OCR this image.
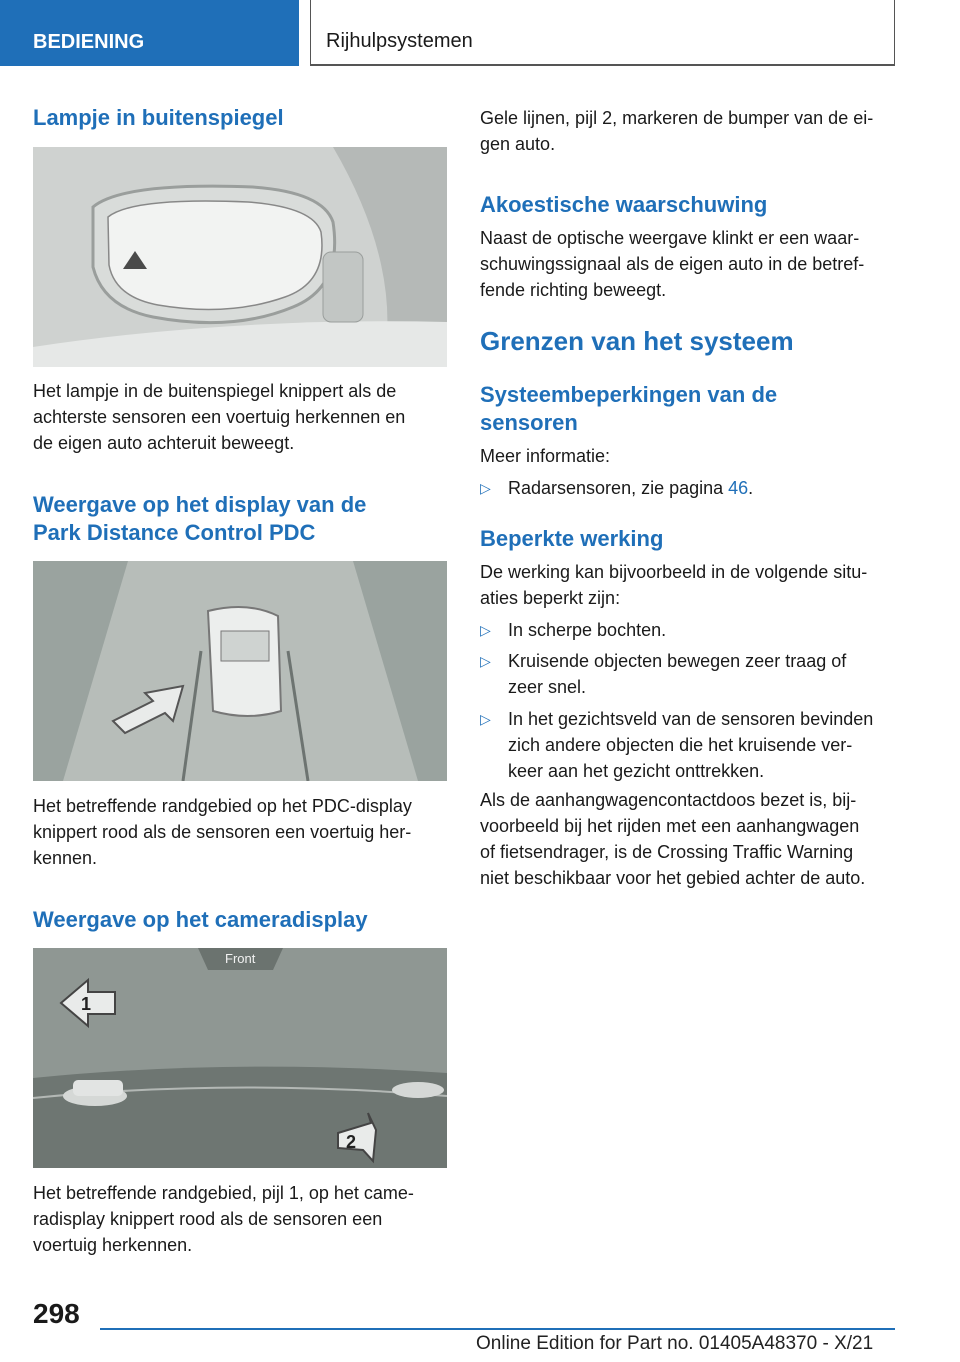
BEDIENING	Rijhulpsystemen
Lampje in buitenspiegel

Het lampje in de buitenspiegel knippert als de

achterste sensoren een voertuig herkennen en

de eigen auto achteruit beweegt.

Weergave op het display van de
Park Distance Control PDC

Het betreffende randgebied op het PDC-display

knippert rood als de sensoren een voertuig her-

kennen.

Weergave op het cameradisplay
Front
1
2

Het betreffende randgebied, pijl 1, op het came-

radisplay knippert rood als de sensoren een

voertuig herkennen.

Gele lijnen, pijl 2, markeren de bumper van de ei-

gen auto.

Akoestische waarschuwing

Naast de optische weergave klinkt er een waar-

schuwingssignaal als de eigen auto in de betref-

fende richting beweegt.

Grenzen van het systeem
Systeembeperkingen van de
sensoren

Meer informatie:

▷ Radarsensoren, zie pagina 46.
Beperkte werking

De werking kan bijvoorbeeld in de volgende situ-

aties beperkt zijn:

▷ In scherpe bochten.
▷ Kruisende objecten bewegen zeer traag of
zeer snel.
▷ In het gezichtsveld van de sensoren bevinden
zich andere objecten die het kruisende ver-
keer aan het gezicht onttrekken.

Als de aanhangwagencontactdoos bezet is, bij-

voorbeeld bij het rijden met een aanhangwagen

of fietsendrager, is de Crossing Traffic Warning

niet beschikbaar voor het gebied achter de auto.

298
Online Edition for Part no. 01405A48370 - X/21
